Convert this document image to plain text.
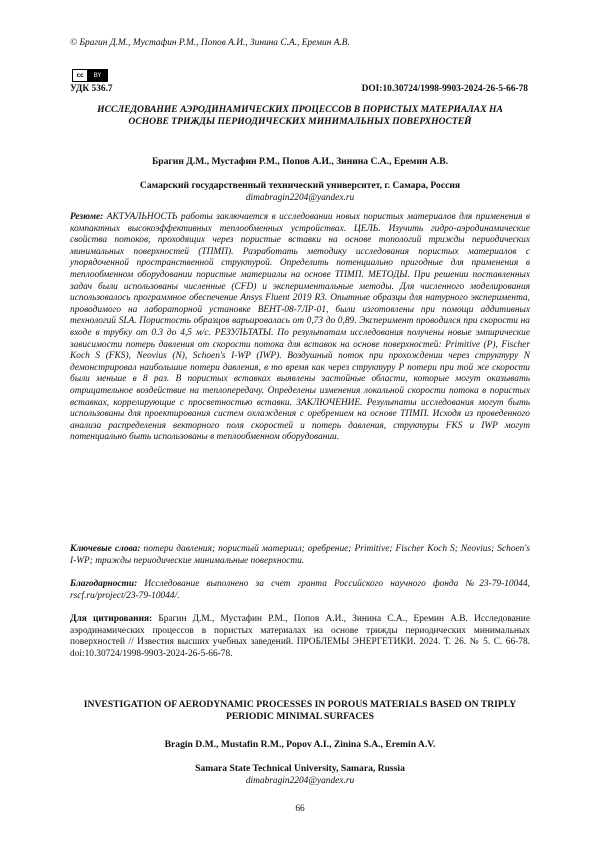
© Брагин Д.М., Мустафин Р.М., Попов А.И., Зинина С.А., Еремин А.В.
cc	BY
УДК 536.7	DOI:10.30724/1998-9903-2024-26-5-66-78
ИССЛЕДОВАНИЕ АЭРОДИНАМИЧЕСКИХ ПРОЦЕССОВ В ПОРИСТЫХ МАТЕРИАЛАХ НА ОСНОВЕ ТРИЖДЫ ПЕРИОДИЧЕСКИХ МИНИМАЛЬНЫХ ПОВЕРХНОСТЕЙ
Брагин Д.М., Мустафин Р.М., Попов А.И., Зинина С.А., Еремин А.В.
Самарский государственный технический университет, г. Самара, Россия
dimabragin2204@yandex.ru
Резюме: АКТУАЛЬНОСТЬ работы заключается в исследовании новых пористых материалов для применения в компактных высокоэффективных теплообменных устройствах. ЦЕЛЬ. Изучить гидро-аэродинамические свойства потоков, проходящих через пористые вставки на основе топологий трижды периодических минимальных поверхностей (ТПМП). Разработать методику исследования пористых материалов с упорядоченной пространственной структурой. Определить потенциально пригодные для применения в теплообменном оборудовании пористые материалы на основе ТПМП. МЕТОДЫ. При решении поставленных задач были использованы численные (CFD) и экспериментальные методы. Для численного моделирования использовалось программное обеспечение Ansys Fluent 2019 R3. Опытные образцы для натурного эксперимента, проводимого на лабораторной установке ВЕНТ-08-7ЛР-01, были изготовлены при помощи аддитивных технологий SLA. Пористость образцов варьировалась от 0,73 до 0,89. Эксперимент проводился при скорости на входе в трубку от 0.3 до 4,5 м/с. РЕЗУЛЬТАТЫ. По результатам исследования получены новые эмпирические зависимости потерь давления от скорости потока для вставок на основе поверхностей: Primitive (P), Fischer Koch S (FKS), Neovius (N), Schoen's I-WP (IWP). Воздушный поток при прохождении через структуру N демонстрировал наибольшие потери давления, в то время как через структуру P потери при той же скорости были меньше в 8 раз. В пористых вставках выявлены застойные области, которые могут оказывать отрицательное воздействие на теплопередачу. Определены изменения локальной скорости потока в пористых вставках, коррелирующие с просветностью вставки. ЗАКЛЮЧЕНИЕ. Результаты исследования могут быть использованы для проектирования систем охлаждения с оребрением на основе ТПМП. Исходя из проведенного анализа распределения векторного поля скоростей и потерь давления, структуры FKS и IWP могут потенциально быть использованы в теплообменном оборудовании.
Ключевые слова: потери давления; пористый материал; оребрение; Primitive; Fischer Koch S; Neovius; Schoen's I-WP; трижды периодические минимальные поверхности.
Благодарности: Исследование выполнено за счет гранта Российского научного фонда №23-79-10044, rscf.ru/project/23-79-10044/.
Для цитирования: Брагин Д.М., Мустафин Р.М., Попов А.И., Зинина С.А., Еремин А.В. Исследование аэродинамических процессов в пористых материалах на основе трижды периодических минимальных поверхностей // Известия высших учебных заведений. ПРОБЛЕМЫ ЭНЕРГЕТИКИ. 2024. Т. 26. № 5. С. 66-78. doi:10.30724/1998-9903-2024-26-5-66-78.
INVESTIGATION OF AERODYNAMIC PROCESSES IN POROUS MATERIALS BASED ON TRIPLY PERIODIC MINIMAL SURFACES
Bragin D.M., Mustafin R.M., Popov A.I., Zinina S.A., Eremin A.V.
Samara State Technical University, Samara, Russia
dimabragin2204@yandex.ru
66
